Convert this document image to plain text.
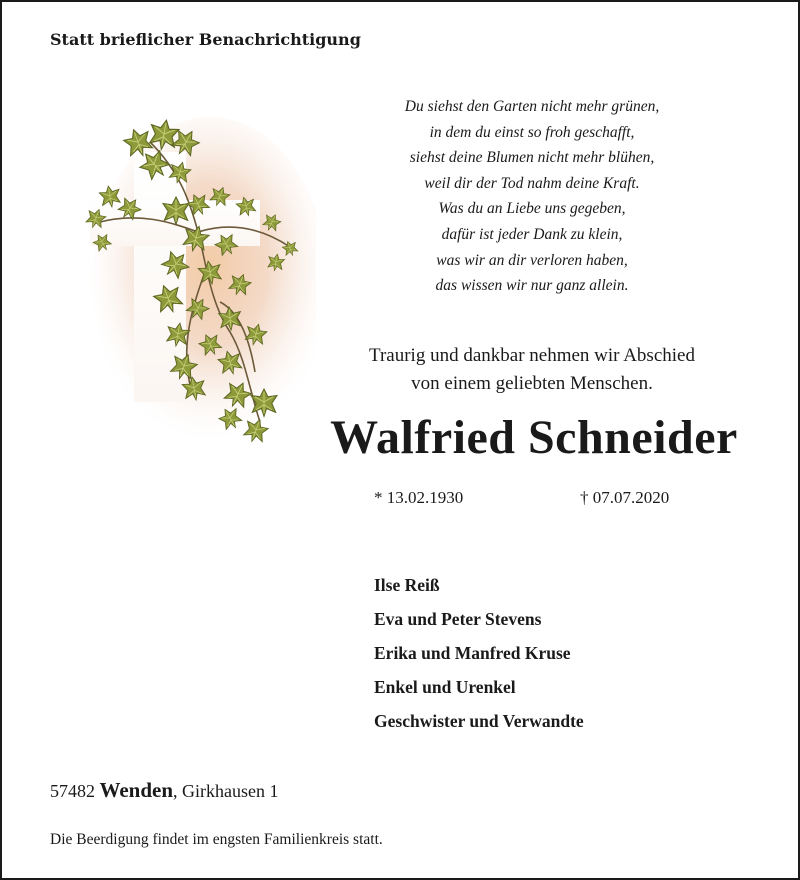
Statt brieflicher Benachrichtigung
Du siehst den Garten nicht mehr grünen,
in dem du einst so froh geschafft,
siehst deine Blumen nicht mehr blühen,
weil dir der Tod nahm deine Kraft.
Was du an Liebe uns gegeben,
dafür ist jeder Dank zu klein,
was wir an dir verloren haben,
das wissen wir nur ganz allein.
Traurig und dankbar nehmen wir Abschied
von einem geliebten Menschen.
Walfried Schneider
* 13.02.1930	† 07.07.2020
Ilse Reiß
Eva und Peter Stevens
Erika und Manfred Kruse
Enkel und Urenkel
Geschwister und Verwandte
57482 Wenden, Girkhausen 1
Die Beerdigung findet im engsten Familienkreis statt.
